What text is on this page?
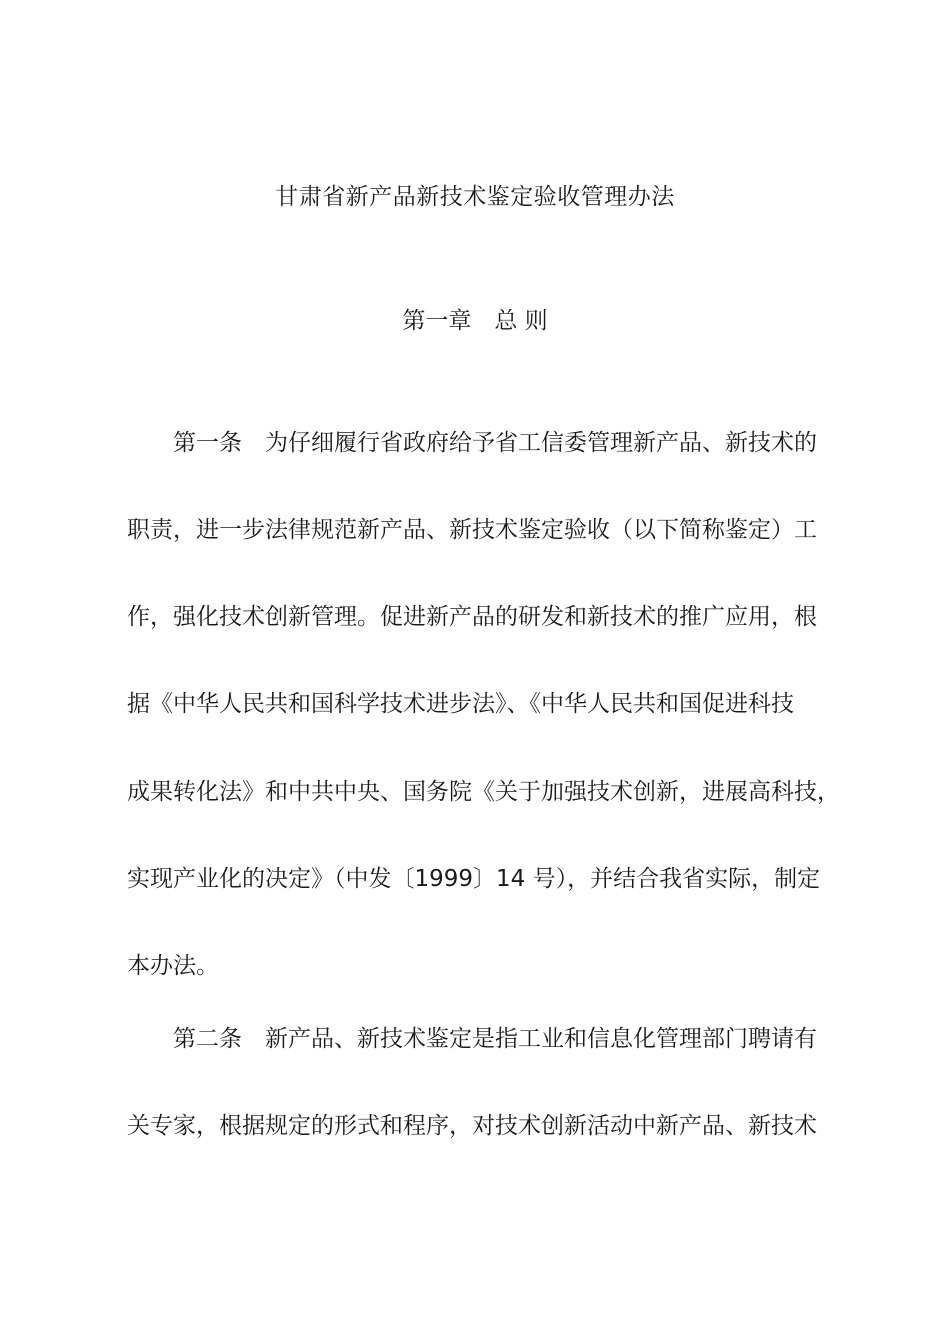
甘肃省新产品新技术鉴定验收管理办法
第一章　总 则
第一条　为仔细履行省政府给予省工信委管理新产品、新技术的
职责，进一步法律规范新产品、新技术鉴定验收（以下简称鉴定）工
作，强化技术创新管理。促进新产品的研发和新技术的推广应用，根
据《中华人民共和国科学技术进步法》、《中华人民共和国促进科技
成果转化法》和中共中央、国务院《关于加强技术创新，进展高科技，
实现产业化的决定》（中发〔1999〕14 号），并结合我省实际，制定
本办法。
第二条　新产品、新技术鉴定是指工业和信息化管理部门聘请有
关专家，根据规定的形式和程序，对技术创新活动中新产品、新技术
